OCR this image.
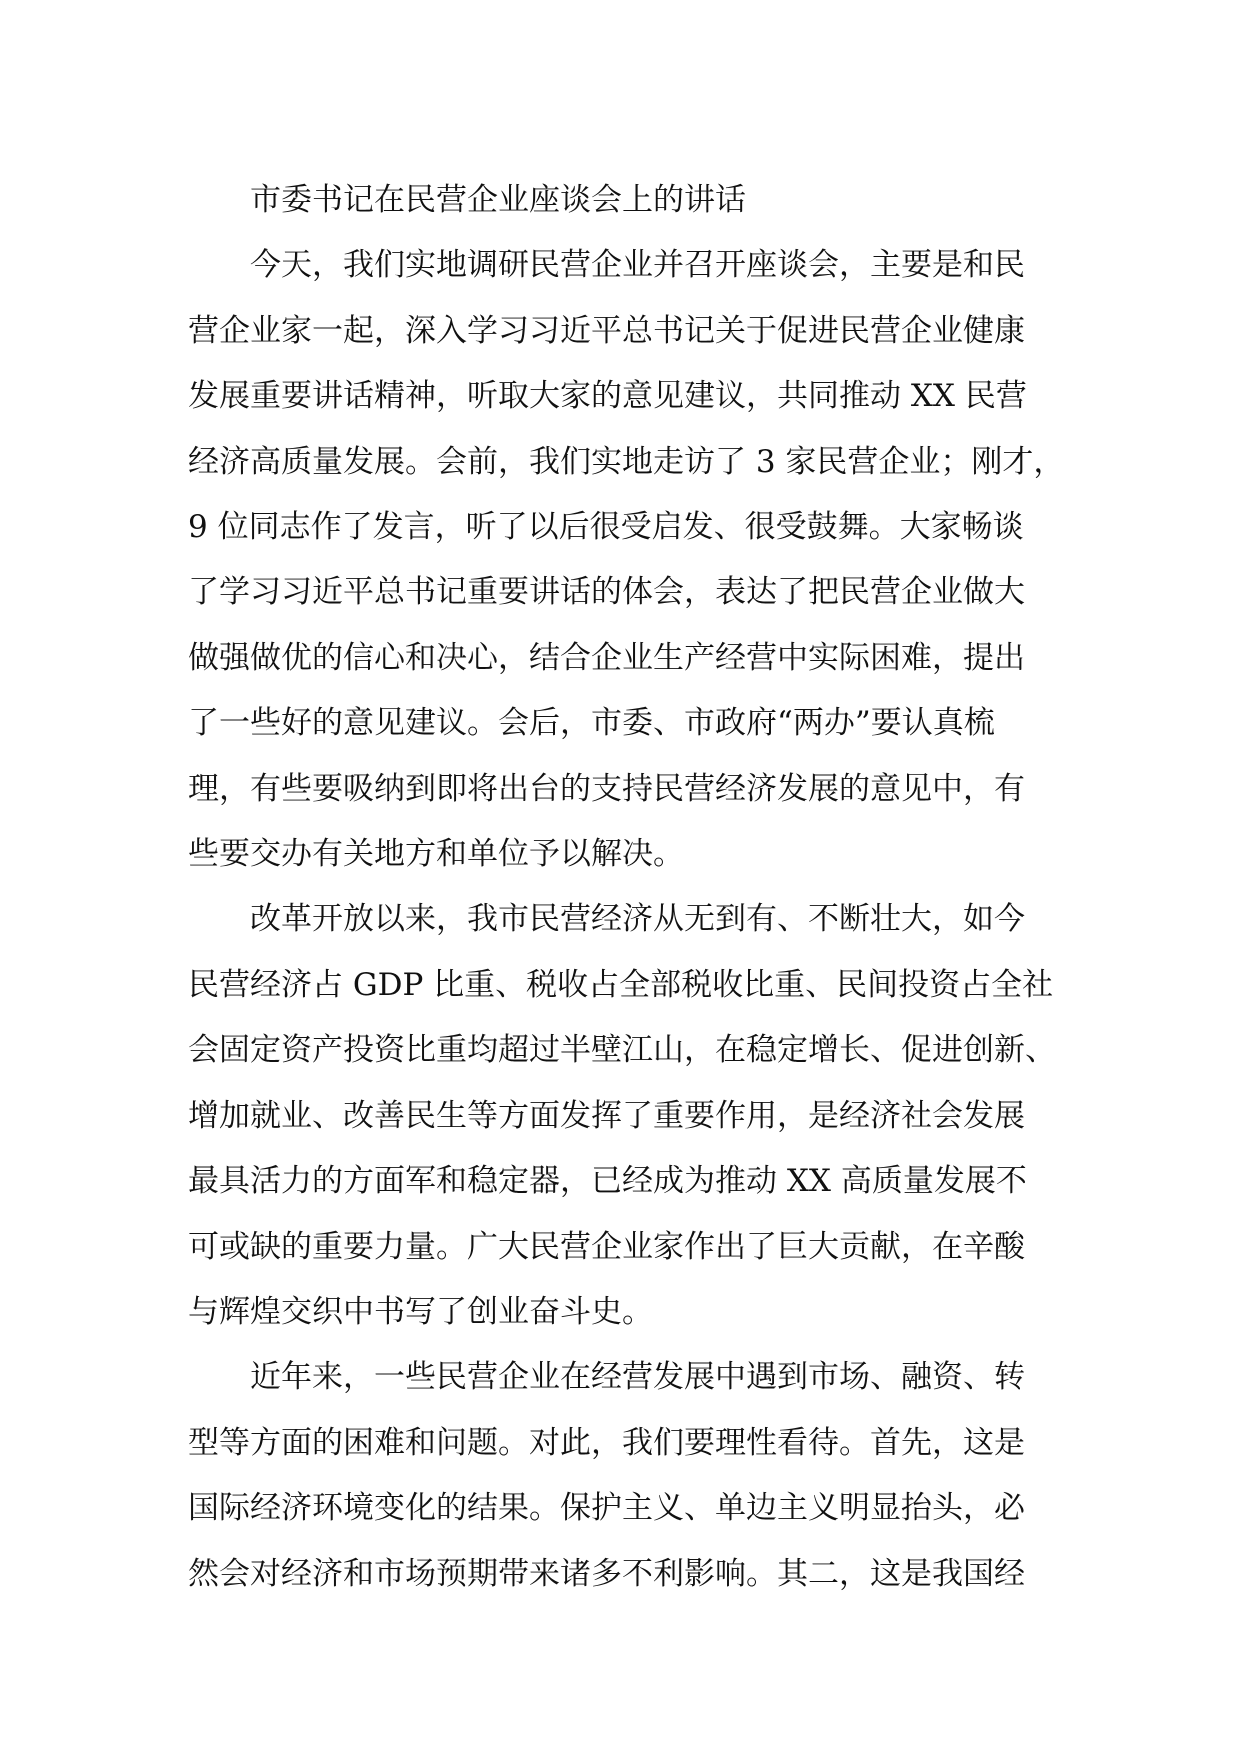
市委书记在民营企业座谈会上的讲话
今天，我们实地调研民营企业并召开座谈会，主要是和民
营企业家一起，深入学习习近平总书记关于促进民营企业健康
发展重要讲话精神，听取大家的意见建议，共同推动 XX 民营
经济高质量发展。会前，我们实地走访了 3 家民营企业；刚才，
9 位同志作了发言，听了以后很受启发、很受鼓舞。大家畅谈
了学习习近平总书记重要讲话的体会，表达了把民营企业做大
做强做优的信心和决心，结合企业生产经营中实际困难，提出
了一些好的意见建议。会后，市委、市政府“两办”要认真梳
理，有些要吸纳到即将出台的支持民营经济发展的意见中，有
些要交办有关地方和单位予以解决。
改革开放以来，我市民营经济从无到有、不断壮大，如今
民营经济占 GDP 比重、税收占全部税收比重、民间投资占全社
会固定资产投资比重均超过半壁江山，在稳定增长、促进创新、
增加就业、改善民生等方面发挥了重要作用，是经济社会发展
最具活力的方面军和稳定器，已经成为推动 XX 高质量发展不
可或缺的重要力量。广大民营企业家作出了巨大贡献，在辛酸
与辉煌交织中书写了创业奋斗史。
近年来，一些民营企业在经营发展中遇到市场、融资、转
型等方面的困难和问题。对此，我们要理性看待。首先，这是
国际经济环境变化的结果。保护主义、单边主义明显抬头，必
然会对经济和市场预期带来诸多不利影响。其二，这是我国经
